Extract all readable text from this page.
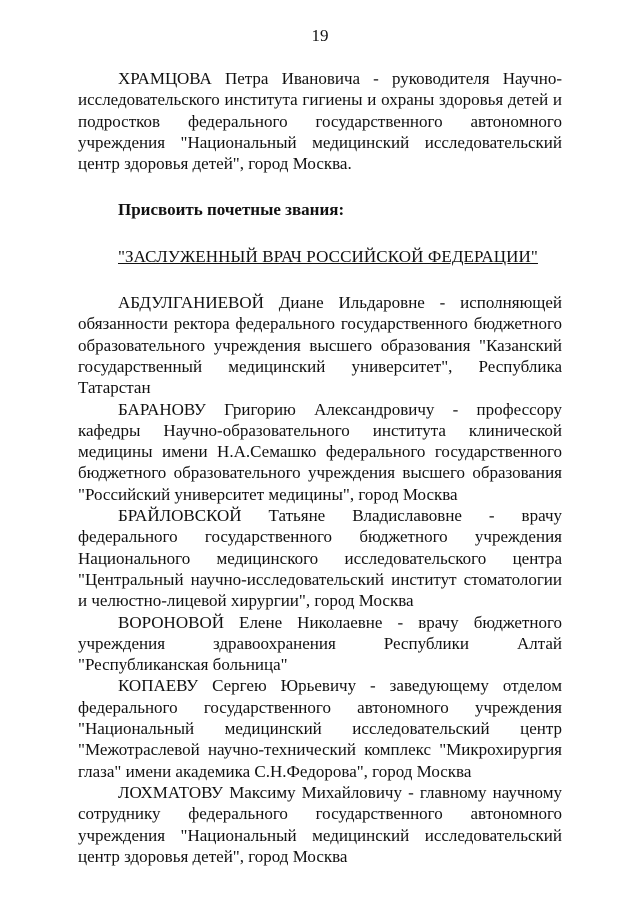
19

ХРАМЦОВА Петра Ивановича - руководителя Научно-исследовательского института гигиены и охраны здоровья детей и подростков федерального государственного автономного учреждения "Национальный медицинский исследовательский центр здоровья детей", город Москва.

Присвоить почетные звания:

"ЗАСЛУЖЕННЫЙ ВРАЧ РОССИЙСКОЙ ФЕДЕРАЦИИ"

АБДУЛГАНИЕВОЙ Диане Ильдаровне - исполняющей обязанности ректора федерального государственного бюджетного образовательного учреждения высшего образования "Казанский государственный медицинский университет", Республика Татарстан

БАРАНОВУ Григорию Александровичу - профессору кафедры Научно-образовательного института клинической медицины имени Н.А.Семашко федерального государственного бюджетного образовательного учреждения высшего образования "Российский университет медицины", город Москва

БРАЙЛОВСКОЙ Татьяне Владиславовне - врачу федерального государственного бюджетного учреждения Национального медицинского исследовательского центра "Центральный научно-исследовательский институт стоматологии и челюстно-лицевой хирургии", город Москва

ВОРОНОВОЙ Елене Николаевне - врачу бюджетного учреждения здравоохранения Республики Алтай "Республиканская больница"

КОПАЕВУ Сергею Юрьевичу - заведующему отделом федерального государственного автономного учреждения "Национальный медицинский исследовательский центр "Межотраслевой научно-технический комплекс "Микрохирургия глаза" имени академика С.Н.Федорова", город Москва

ЛОХМАТОВУ Максиму Михайловичу - главному научному сотруднику федерального государственного автономного учреждения "Национальный медицинский исследовательский центр здоровья детей", город Москва
